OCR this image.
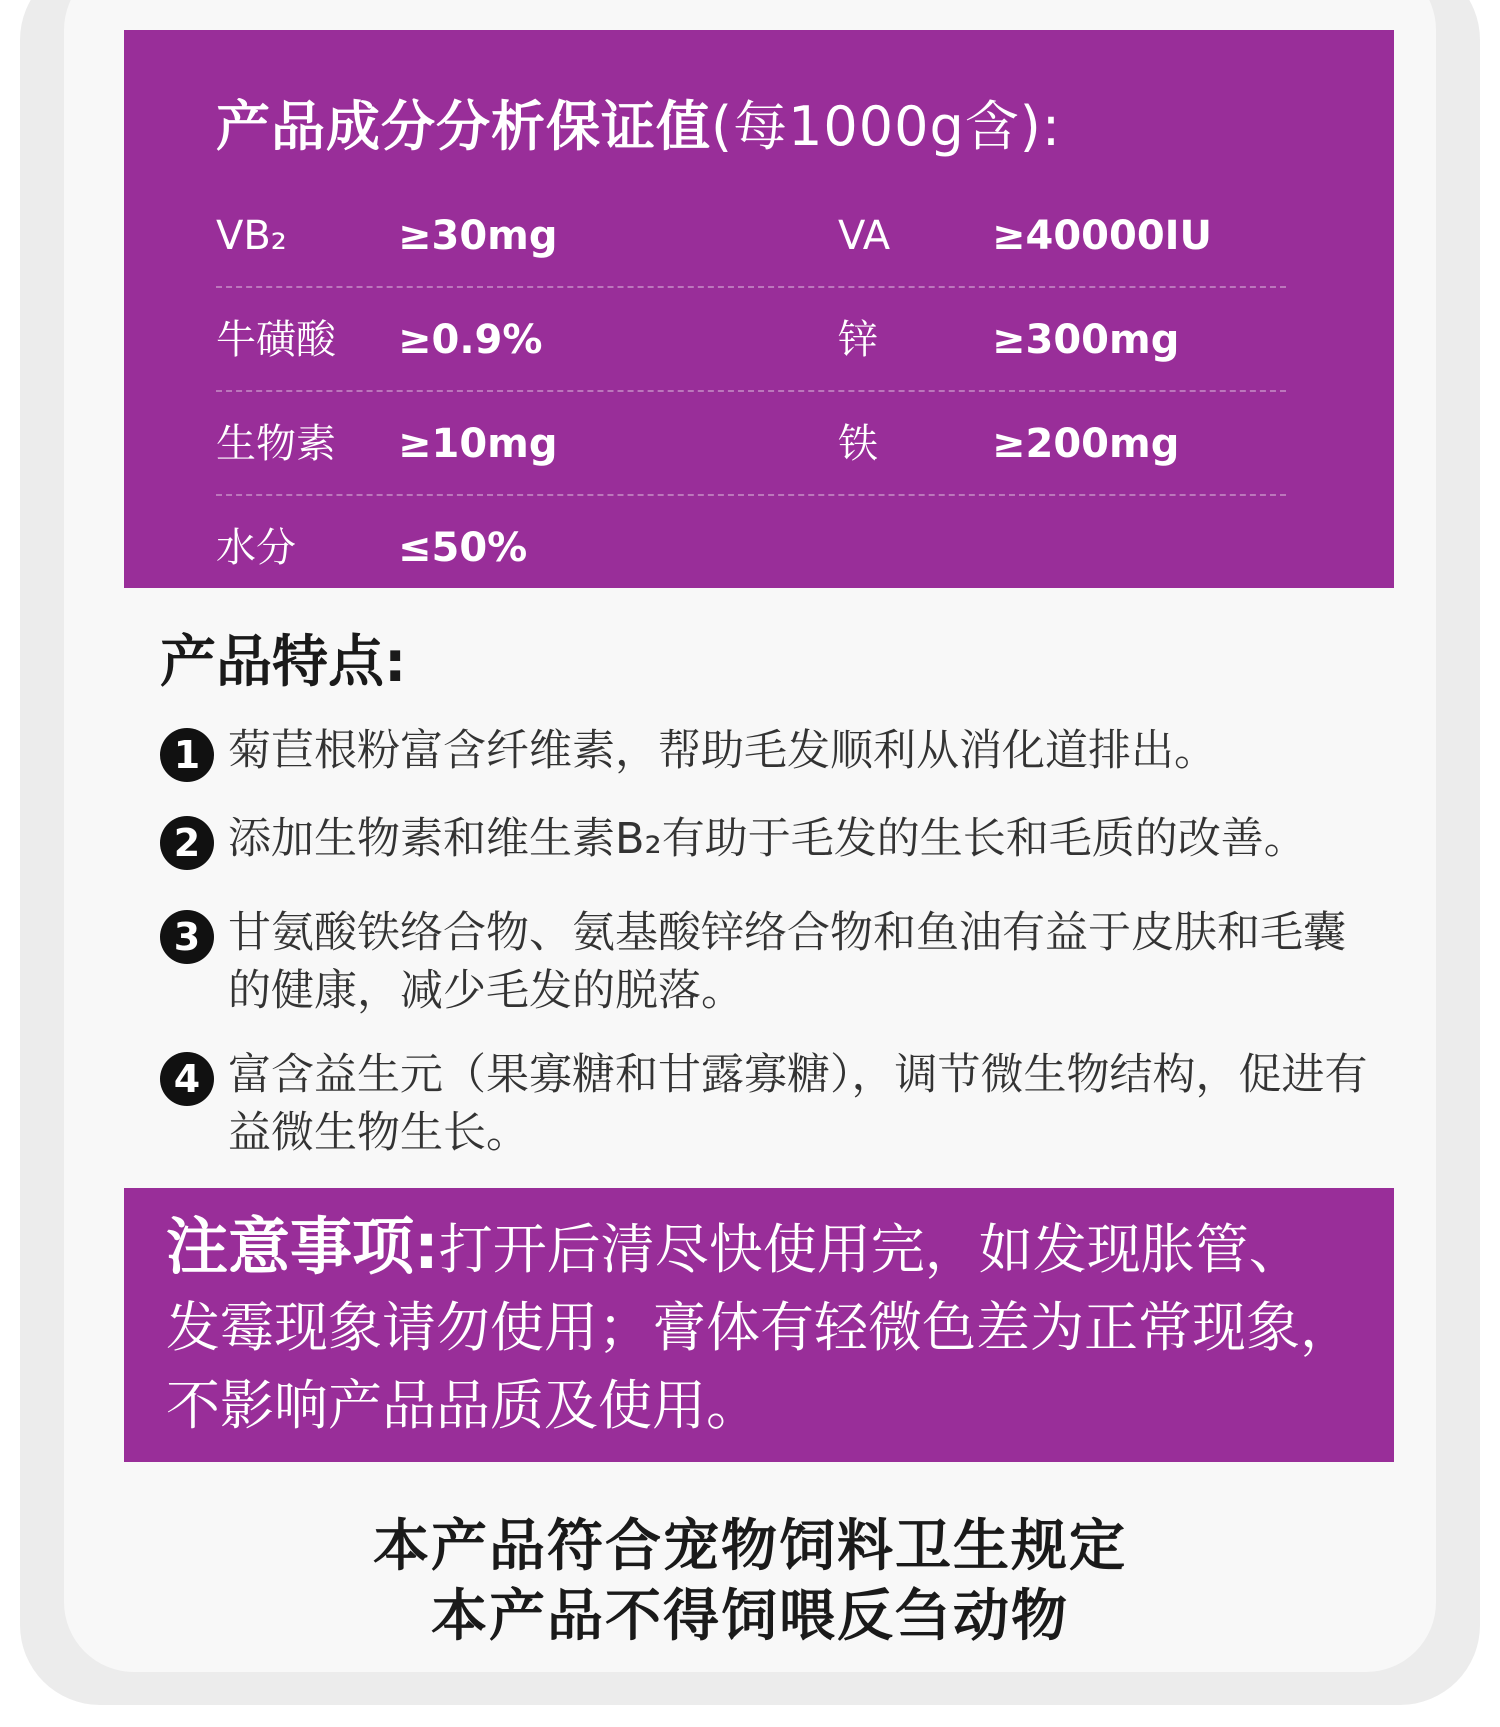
产品成分分析保证值(每1000g含):
VB₂	≥30mg	VA	≥40000IU
牛磺酸 ≥0.9%	锌	≥300mg
生物素 ≥10mg	铁	≥200mg
水分	≤50%
产品特点:
1 菊苣根粉富含纤维素，帮助毛发顺利从消化道排出。
2 添加生物素和维生素B₂有助于毛发的生长和毛质的改善。
3 甘氨酸铁络合物、氨基酸锌络合物和鱼油有益于皮肤和毛囊的健康，减少毛发的脱落。
4 富含益生元（果寡糖和甘露寡糖），调节微生物结构，促进有益微生物生长。
注意事项:打开后清尽快使用完，如发现胀管、发霉现象请勿使用；膏体有轻微色差为正常现象，不影响产品品质及使用。
本产品符合宠物饲料卫生规定
本产品不得饲喂反刍动物
